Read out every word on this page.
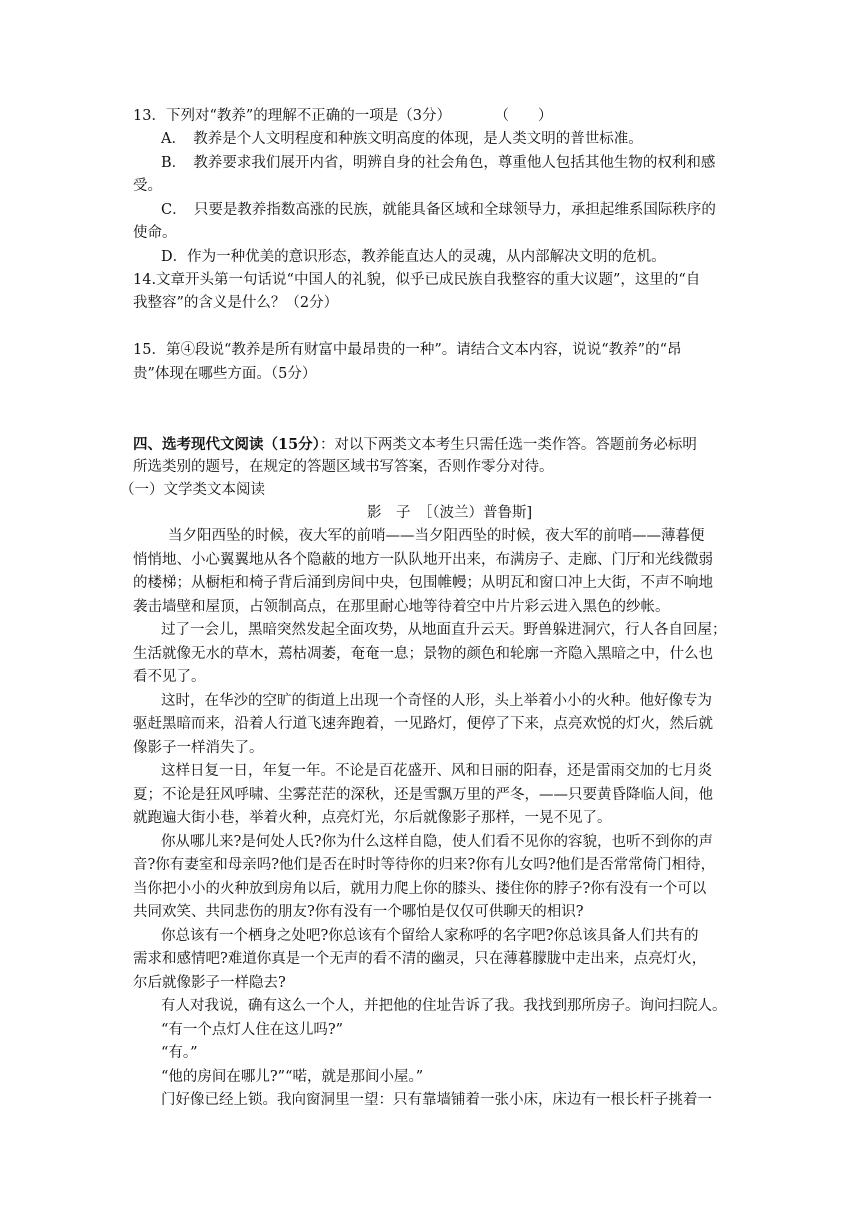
13．下列对“教养”的理解不正确的一项是（3分）　　　　（　　）
A．　教养是个人文明程度和种族文明高度的体现，是人类文明的普世标准。
B．　教养要求我们展开内省，明辨自身的社会角色，尊重他人包括其他生物的权利和感
受。
C．　只要是教养指数高涨的民族，就能具备区域和全球领导力，承担起维系国际秩序的
使命。
D．作为一种优美的意识形态，教养能直达人的灵魂，从内部解决文明的危机。
14.文章开头第一句话说“中国人的礼貌，似乎已成民族自我整容的重大议题”，这里的“自
我整容”的含义是什么？（2分）
15．第④段说“教养是所有财富中最昂贵的一种”。请结合文本内容，说说“教养”的“昂
贵”体现在哪些方面。（5分）
四、选考现代文阅读（15分）：对以下两类文本考生只需任选一类作答。答题前务必标明
所选类别的题号，在规定的答题区域书写答案，否则作零分对待。
（一）文学类文本阅读
影　子　［（波兰）普鲁斯]
当夕阳西坠的时候，夜大军的前哨——当夕阳西坠的时候，夜大军的前哨——薄暮便
悄悄地、小心翼翼地从各个隐蔽的地方一队队地开出来，布满房子、走廊、门厅和光线微弱
的楼梯；从橱柜和椅子背后涌到房间中央，包围帷幔；从明瓦和窗口冲上大街，不声不响地
袭击墙壁和屋顶，占领制高点，在那里耐心地等待着空中片片彩云进入黑色的纱帐。
过了一会儿，黑暗突然发起全面攻势，从地面直升云天。野兽躲进洞穴，行人各自回屋；
生活就像无水的草木，蔫枯凋萎，奄奄一息；景物的颜色和轮廓一齐隐入黑暗之中，什么也
看不见了。
这时，在华沙的空旷的街道上出现一个奇怪的人形，头上举着小小的火种。他好像专为
驱赶黑暗而来，沿着人行道飞速奔跑着，一见路灯，便停了下来，点亮欢悦的灯火，然后就
像影子一样消失了。
这样日复一日，年复一年。不论是百花盛开、风和日丽的阳春，还是雷雨交加的七月炎
夏；不论是狂风呼啸、尘雾茫茫的深秋，还是雪飘万里的严冬，——只要黄昏降临人间，他
就跑遍大街小巷，举着火种，点亮灯光，尔后就像影子那样，一晃不见了。
你从哪儿来?是何处人氏?你为什么这样自隐，使人们看不见你的容貌，也听不到你的声
音?你有妻室和母亲吗?他们是否在时时等待你的归来?你有儿女吗?他们是否常常倚门相待，
当你把小小的火种放到房角以后，就用力爬上你的膝头、搂住你的脖子?你有没有一个可以
共同欢笑、共同悲伤的朋友?你有没有一个哪怕是仅仅可供聊天的相识?
你总该有一个栖身之处吧?你总该有个留给人家称呼的名字吧?你总该具备人们共有的
需求和感情吧?难道你真是一个无声的看不清的幽灵，只在薄暮朦胧中走出来，点亮灯火，
尔后就像影子一样隐去?
有人对我说，确有这么一个人，并把他的住址告诉了我。我找到那所房子。询问扫院人。
“有一个点灯人住在这儿吗?”
“有。”
“他的房间在哪儿?”“喏，就是那间小屋。”
门好像已经上锁。我向窗洞里一望：只有靠墙铺着一张小床，床边有一根长杆子挑着一
